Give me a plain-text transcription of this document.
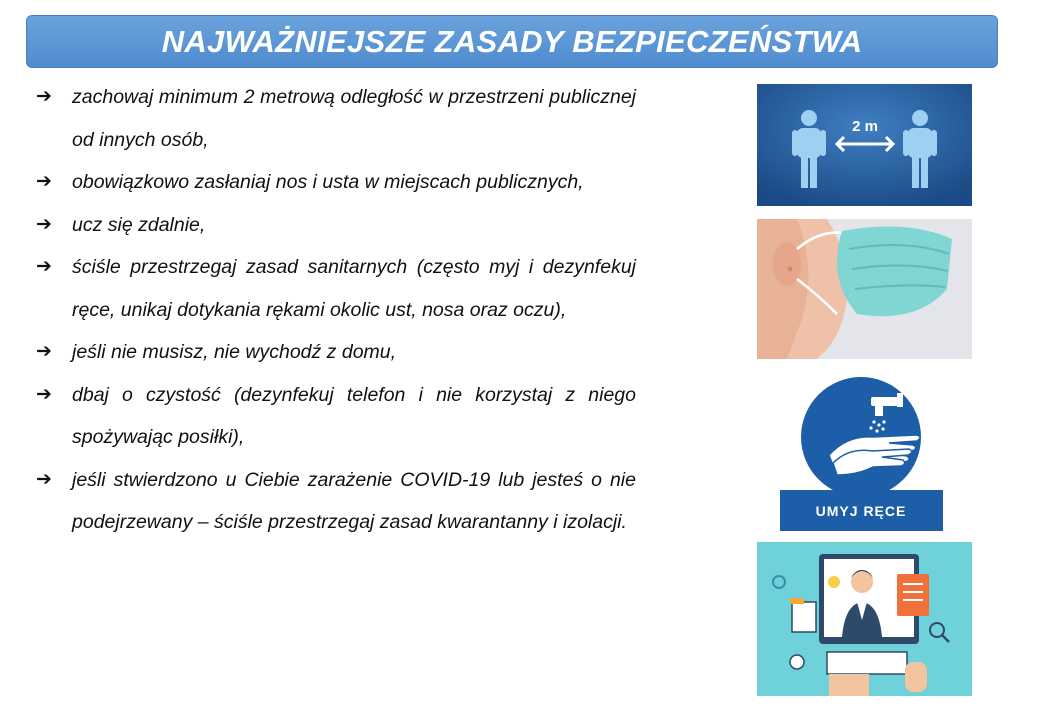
NAJWAŻNIEJSZE ZASADY BEZPIECZEŃSTWA
➔ zachowaj minimum 2 metrową odległość w przestrzeni publicznej od innych osób,
➔ obowiązkowo zasłaniaj nos i usta w miejscach publicznych,
➔ ucz się zdalnie,
➔ ściśle przestrzegaj zasad sanitarnych (często myj i dezynfekuj ręce, unikaj dotykania rękami okolic ust, nosa oraz oczu),
➔ jeśli nie musisz, nie wychodź z domu,
➔ dbaj o czystość (dezynfekuj telefon i nie korzystaj z niego spożywając posiłki),
➔ jeśli stwierdzono u Ciebie zarażenie COVID-19 lub jesteś o nie podejrzewany – ściśle przestrzegaj zasad kwarantanny i izolacji.
2 m
UMYJ RĘCE
